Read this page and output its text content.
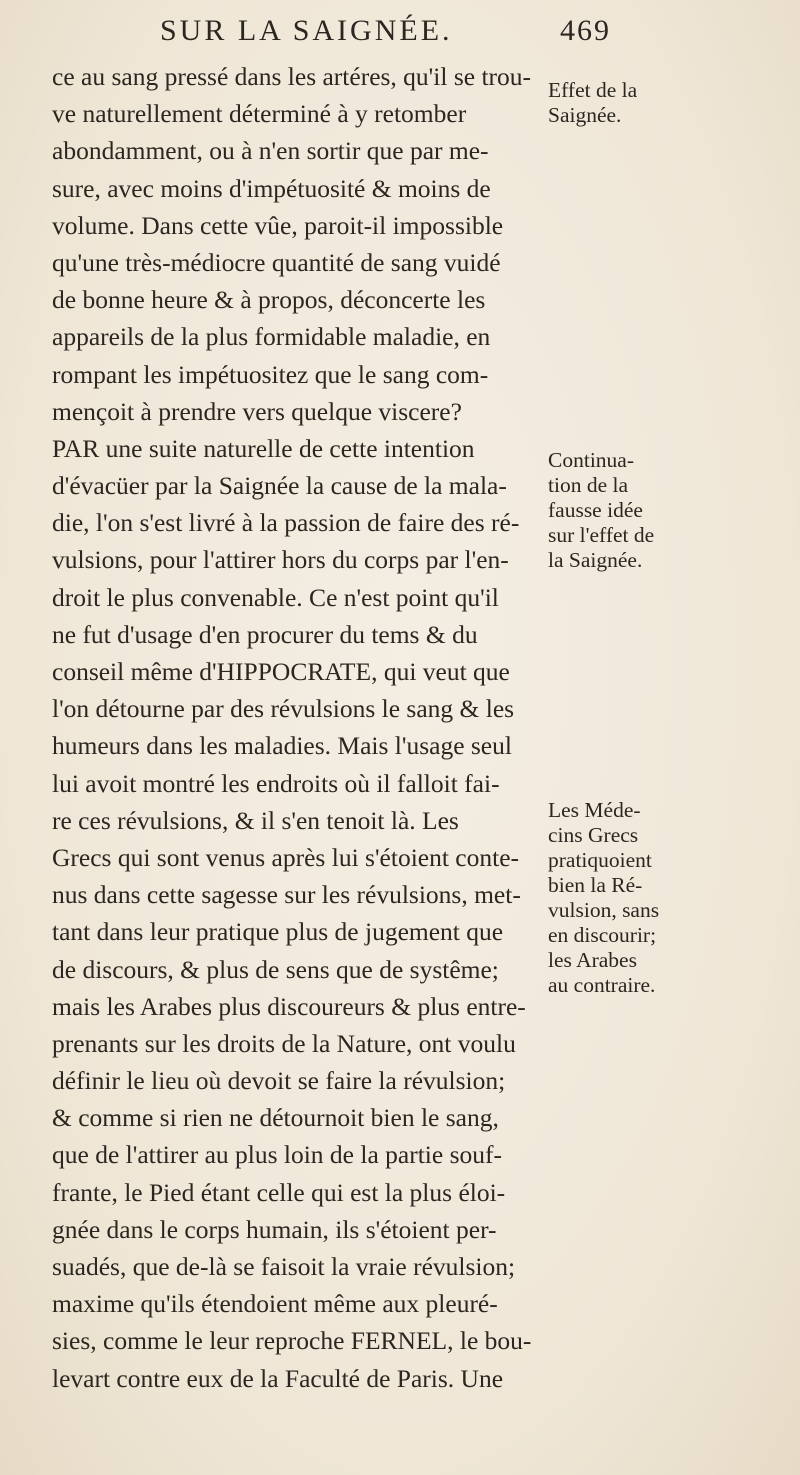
SUR LA SAIGNÉE.	469
ce au sang pressé dans les artéres, qu'il se trou-
ve naturellement déterminé à y retomber
abondamment, ou à n'en sortir que par me-
sure, avec moins d'impétuosité & moins de
volume. Dans cette vûe, paroit-il impossible
qu'une très-médiocre quantité de sang vuidé
de bonne heure & à propos, déconcerte les
appareils de la plus formidable maladie, en
rompant les impétuositez que le sang com-
mençoit à prendre vers quelque viscere?
PAR une suite naturelle de cette intention
d'évacüer par la Saignée la cause de la mala-
die, l'on s'est livré à la passion de faire des ré-
vulsions, pour l'attirer hors du corps par l'en-
droit le plus convenable. Ce n'est point qu'il
ne fut d'usage d'en procurer du tems & du
conseil même d'HIPPOCRATE, qui veut que
l'on détourne par des révulsions le sang & les
humeurs dans les maladies. Mais l'usage seul
lui avoit montré les endroits où il falloit fai-
re ces révulsions, & il s'en tenoit là. Les
Grecs qui sont venus après lui s'étoient conte-
nus dans cette sagesse sur les révulsions, met-
tant dans leur pratique plus de jugement que
de discours, & plus de sens que de systême;
mais les Arabes plus discoureurs & plus entre-
prenants sur les droits de la Nature, ont voulu
définir le lieu où devoit se faire la révulsion;
& comme si rien ne détournoit bien le sang,
que de l'attirer au plus loin de la partie souf-
frante, le Pied étant celle qui est la plus éloi-
gnée dans le corps humain, ils s'étoient per-
suadés, que de-là se faisoit la vraie révulsion;
maxime qu'ils étendoient même aux pleuré-
sies, comme le leur reproche FERNEL, le bou-
levart contre eux de la Faculté de Paris. Une
Effet de la
Saignée.
Continua-
tion de la
fausse idée
sur l'effet de
la Saignée.
Les Méde-
cins Grecs
pratiquoient
bien la Ré-
vulsion, sans
en discourir;
les Arabes
au contraire.
